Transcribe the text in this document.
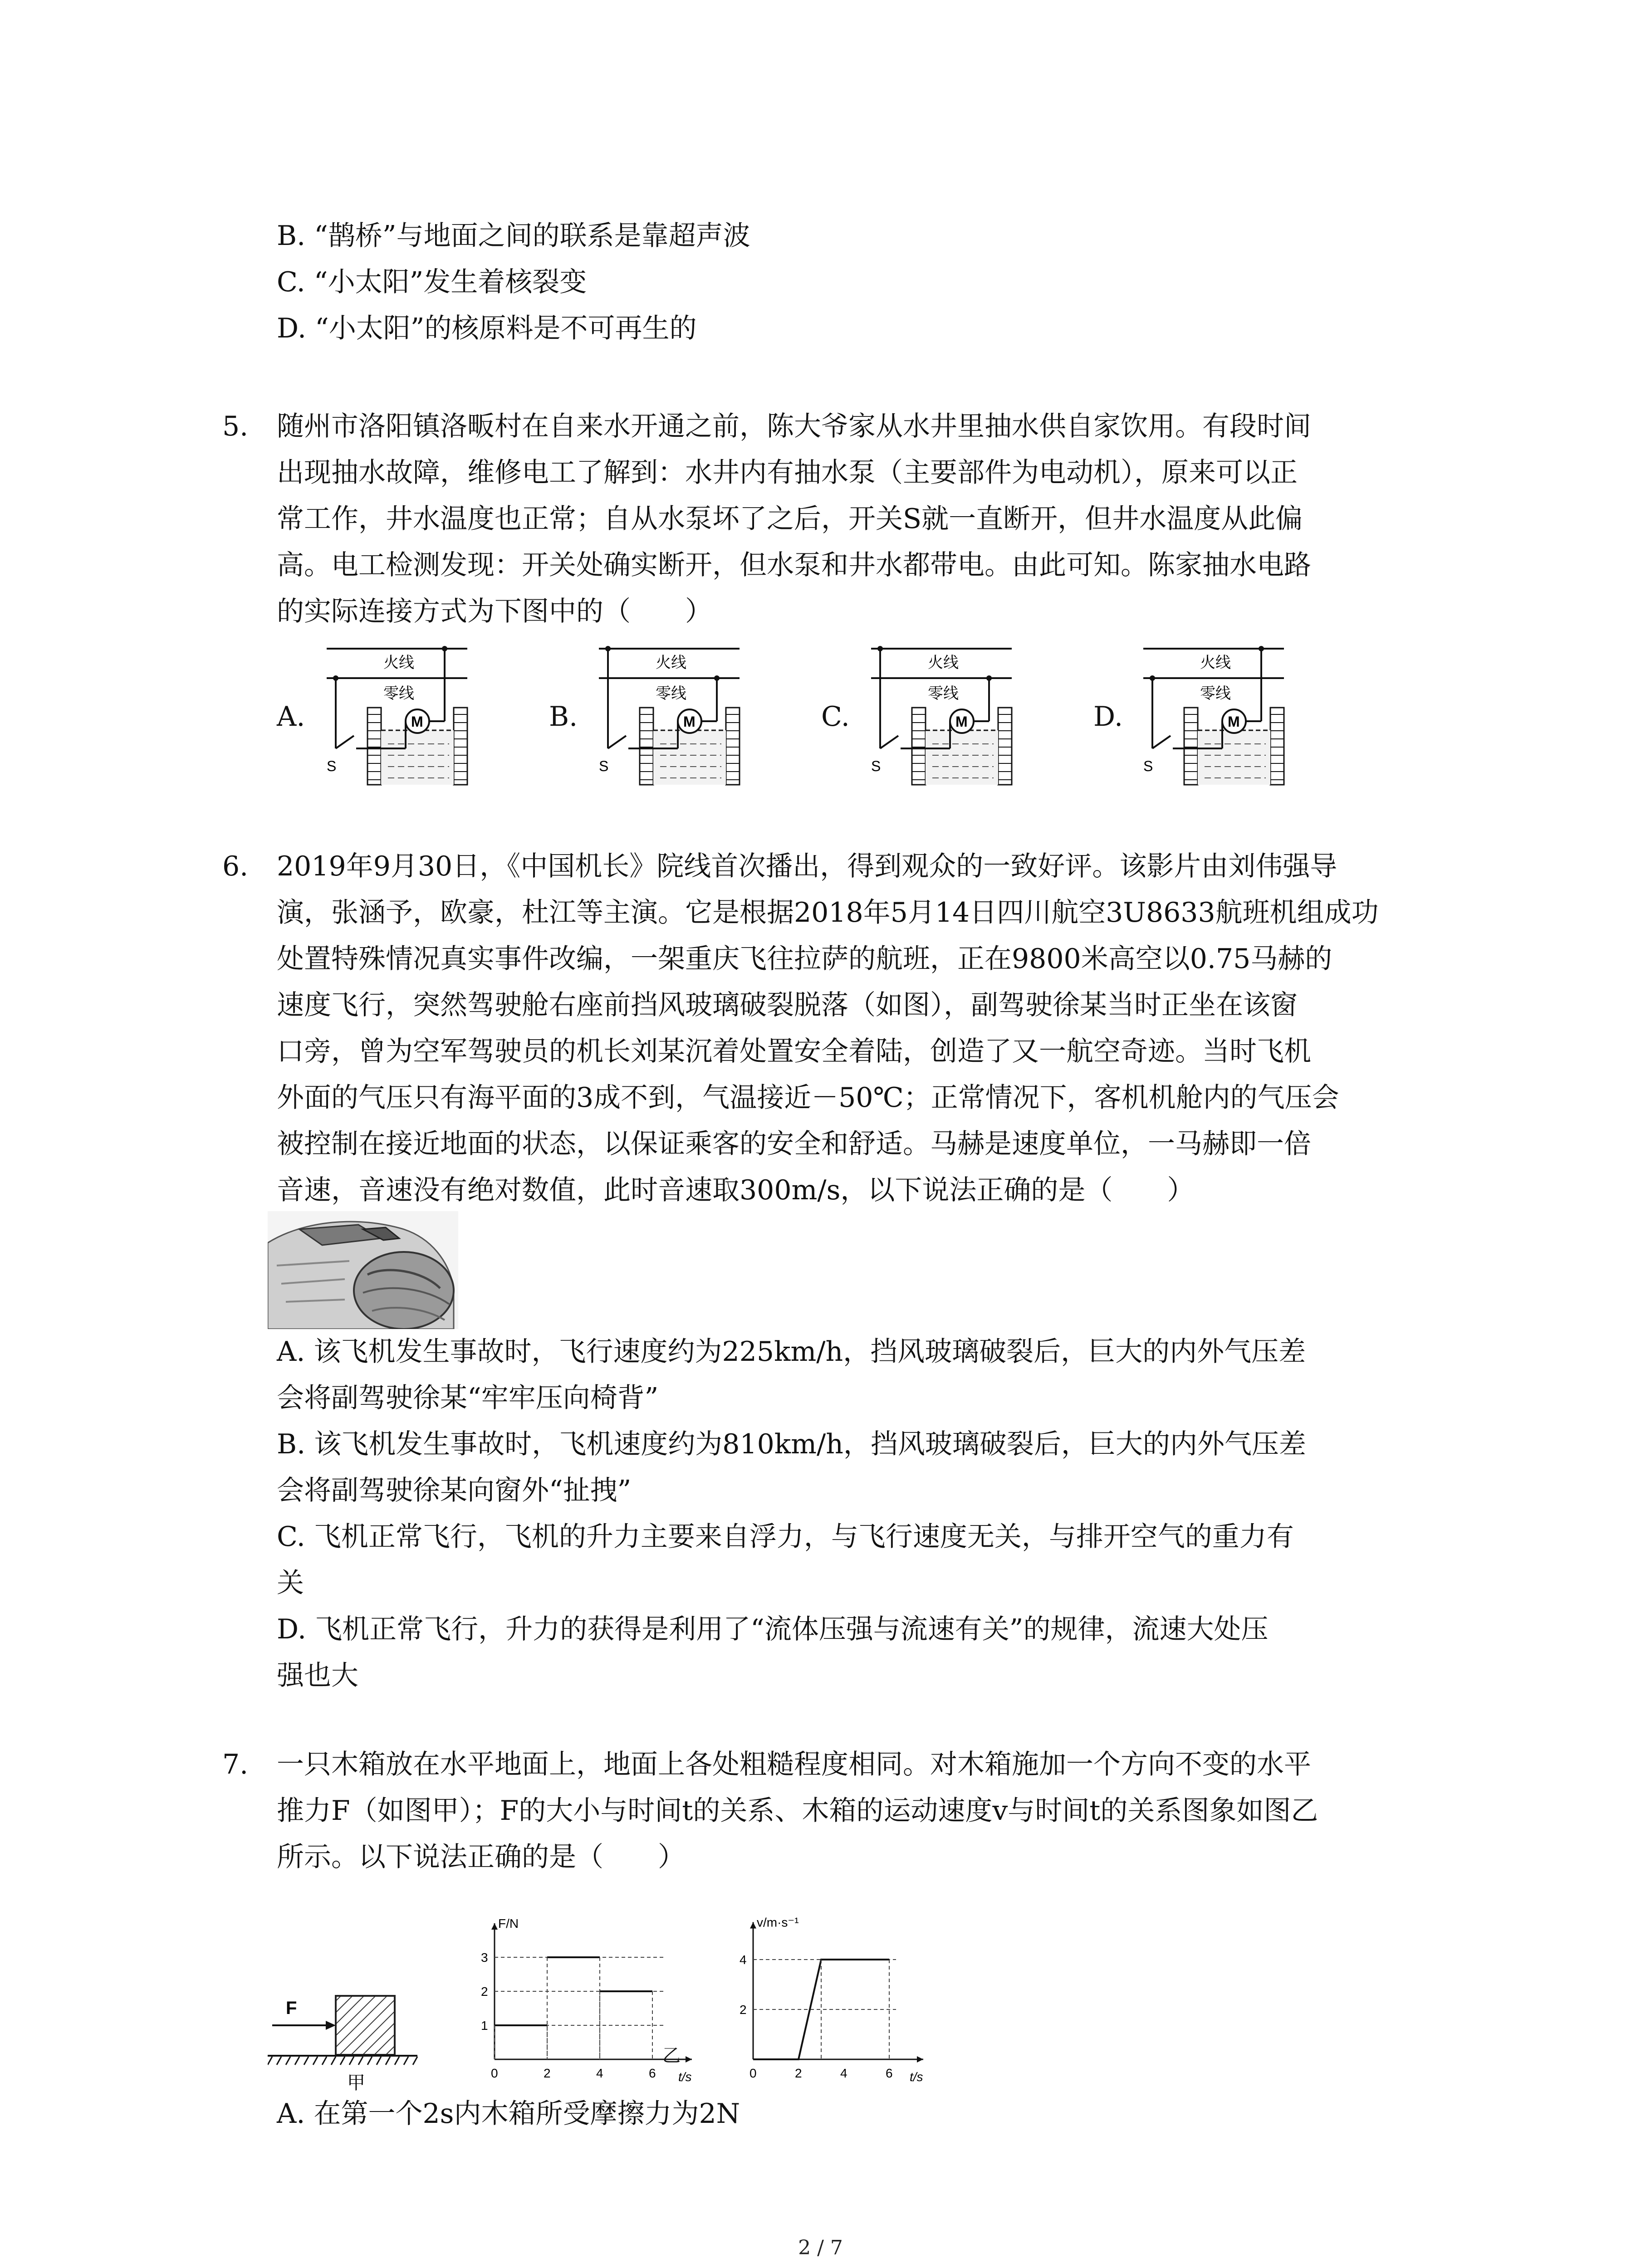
B. “鹊桥”与地面之间的联系是靠超声波
C. “小太阳”发生着核裂变
D. “小太阳”的核原料是不可再生的
5. 随州市洛阳镇洛畈村在自来水开通之前，陈大爷家从水井里抽水供自家饮用。有段时间
出现抽水故障，维修电工了解到：水井内有抽水泵（主要部件为电动机），原来可以正
常工作，井水温度也正常；自从水泵坏了之后，开关S就一直断开，但井水温度从此偏
高。电工检测发现：开关处确实断开，但水泵和井水都带电。由此可知。陈家抽水电路
的实际连接方式为下图中的（　　）
A.	B.	C.	D.
火线
零线
M
S
火线
零线
M
S
火线
零线
M
S
火线
零线
M
S
6. 2019年9月30日，《中国机长》院线首次播出，得到观众的一致好评。该影片由刘伟强导
演，张涵予，欧豪，杜江等主演。它是根据2018年5月14日四川航空3U8633航班机组成功
处置特殊情况真实事件改编，一架重庆飞往拉萨的航班，正在9800米高空以0.75马赫的
速度飞行，突然驾驶舱右座前挡风玻璃破裂脱落（如图），副驾驶徐某当时正坐在该窗
口旁，曾为空军驾驶员的机长刘某沉着处置安全着陆，创造了又一航空奇迹。当时飞机
外面的气压只有海平面的3成不到，气温接近－50℃；正常情况下，客机机舱内的气压会
被控制在接近地面的状态，以保证乘客的安全和舒适。马赫是速度单位，一马赫即一倍
音速，音速没有绝对数值，此时音速取300m/s，以下说法正确的是（　　）
A. 该飞机发生事故时，飞行速度约为225km/h，挡风玻璃破裂后，巨大的内外气压差
会将副驾驶徐某“牢牢压向椅背”
B. 该飞机发生事故时，飞机速度约为810km/h，挡风玻璃破裂后，巨大的内外气压差
会将副驾驶徐某向窗外“扯拽”
C. 飞机正常飞行，飞机的升力主要来自浮力，与飞行速度无关，与排开空气的重力有
关
D. 飞机正常飞行，升力的获得是利用了“流体压强与流速有关”的规律，流速大处压
强也大
7. 一只木箱放在水平地面上，地面上各处粗糙程度相同。对木箱施加一个方向不变的水平
推力F（如图甲）；F的大小与时间t的关系、木箱的运动速度v与时间t的关系图象如图乙
所示。以下说法正确的是（　　）
F
甲
F/N
t/s
0	2	4	6
1
2
3
乙
v/m·s⁻¹
t/s
0	2	4	6
2
4
A. 在第一个2s内木箱所受摩擦力为2N
2 / 7
